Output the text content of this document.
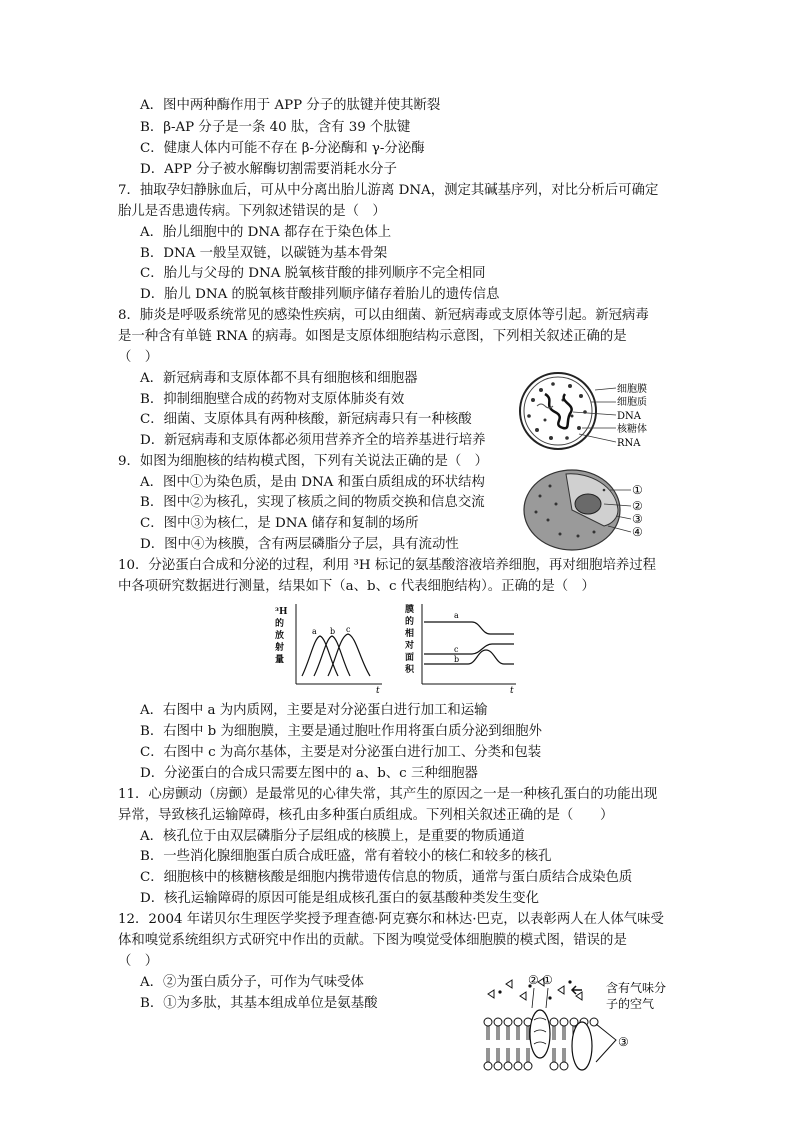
A．图中两种酶作用于 APP 分子的肽键并使其断裂
B．β-AP 分子是一条 40 肽，含有 39 个肽键
C．健康人体内可能不存在 β-分泌酶和 γ-分泌酶
D．APP 分子被水解酶切割需要消耗水分子
7．抽取孕妇静脉血后，可从中分离出胎儿游离 DNA，测定其碱基序列，对比分析后可确定
胎儿是否患遗传病。下列叙述错误的是（　）
A．胎儿细胞中的 DNA 都存在于染色体上
B．DNA 一般呈双链，以碳链为基本骨架
C．胎儿与父母的 DNA 脱氧核苷酸的排列顺序不完全相同
D．胎儿 DNA 的脱氧核苷酸排列顺序储存着胎儿的遗传信息
8．肺炎是呼吸系统常见的感染性疾病，可以由细菌、新冠病毒或支原体等引起。新冠病毒
是一种含有单链 RNA 的病毒。如图是支原体细胞结构示意图，下列相关叙述正确的是
（　）
A．新冠病毒和支原体都不具有细胞核和细胞器
B．抑制细胞壁合成的药物对支原体肺炎有效
C．细菌、支原体具有两种核酸，新冠病毒只有一种核酸
D．新冠病毒和支原体都必须用营养齐全的培养基进行培养
细胞膜
细胞质
DNA
核糖体
RNA
9．如图为细胞核的结构模式图，下列有关说法正确的是（　）
A．图中①为染色质，是由 DNA 和蛋白质组成的环状结构
B．图中②为核孔，实现了核质之间的物质交换和信息交流
C．图中③为核仁，是 DNA 储存和复制的场所
D．图中④为核膜，含有两层磷脂分子层，具有流动性
①
②
③
④
10．分泌蛋白合成和分泌的过程，利用 ³H 标记的氨基酸溶液培养细胞，再对细胞培养过程
中各项研究数据进行测量，结果如下（a、b、c 代表细胞结构）。正确的是（　）
³H
的
放
射
量
t
a b c
膜
的
相
对
面
积
t
a
c
b
A．右图中 a 为内质网，主要是对分泌蛋白进行加工和运输
B．右图中 b 为细胞膜，主要是通过胞吐作用将蛋白质分泌到细胞外
C．右图中 c 为高尔基体，主要是对分泌蛋白进行加工、分类和包装
D．分泌蛋白的合成只需要左图中的 a、b、c 三种细胞器
11．心房颤动（房颤）是最常见的心律失常，其产生的原因之一是一种核孔蛋白的功能出现
异常，导致核孔运输障碍，核孔由多种蛋白质组成。下列相关叙述正确的是（　　）
A．核孔位于由双层磷脂分子层组成的核膜上，是重要的物质通道
B．一些消化腺细胞蛋白质合成旺盛，常有着较小的核仁和较多的核孔
C．细胞核中的核糖核酸是细胞内携带遗传信息的物质，通常与蛋白质结合成染色质
D．核孔运输障碍的原因可能是组成核孔蛋白的氨基酸种类发生变化
12．2004 年诺贝尔生理医学奖授予理查德·阿克赛尔和林达·巴克，以表彰两人在人体气味受
体和嗅觉系统组织方式研究中作出的贡献。下图为嗅觉受体细胞膜的模式图，错误的是
（　）
A．②为蛋白质分子，可作为气味受体
B．①为多肽，其基本组成单位是氨基酸
② ①
含有气味分
子的空气
③
